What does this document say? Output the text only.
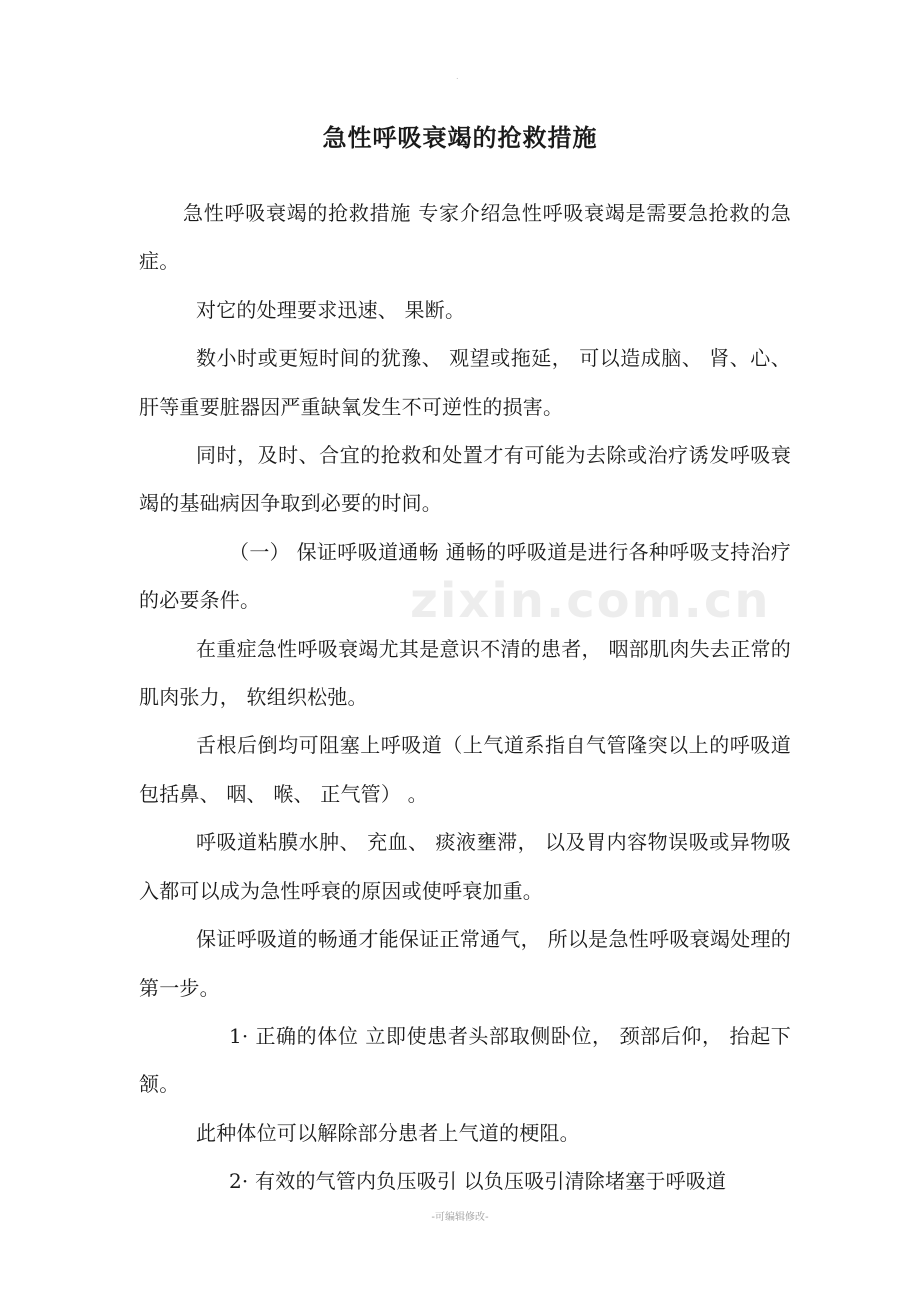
.
急性呼吸衰竭的抢救措施
zixin.com.cn

急性呼吸衰竭的抢救措施 专家介绍急性呼吸衰竭是需要急抢救的急症。

对它的处理要求迅速、 果断。

数小时或更短时间的犹豫、 观望或拖延， 可以造成脑、 肾、心、 肝等重要脏器因严重缺氧发生不可逆性的损害。

同时，及时、合宜的抢救和处置才有可能为去除或治疗诱发呼吸衰竭的基础病因争取到必要的时间。

（一） 保证呼吸道通畅 通畅的呼吸道是进行各种呼吸支持治疗的必要条件。

在重症急性呼吸衰竭尤其是意识不清的患者， 咽部肌肉失去正常的肌肉张力， 软组织松弛。

舌根后倒均可阻塞上呼吸道（上气道系指自气管隆突以上的呼吸道包括鼻、 咽、 喉、 正气管） 。

呼吸道粘膜水肿、 充血、 痰液壅滞， 以及胃内容物误吸或异物吸入都可以成为急性呼衰的原因或使呼衰加重。

保证呼吸道的畅通才能保证正常通气， 所以是急性呼吸衰竭处理的第一步。

1· 正确的体位 立即使患者头部取侧卧位， 颈部后仰， 抬起下颔。

此种体位可以解除部分患者上气道的梗阻。

2· 有效的气管内负压吸引 以负压吸引清除堵塞于呼吸道

-可编辑修改-
